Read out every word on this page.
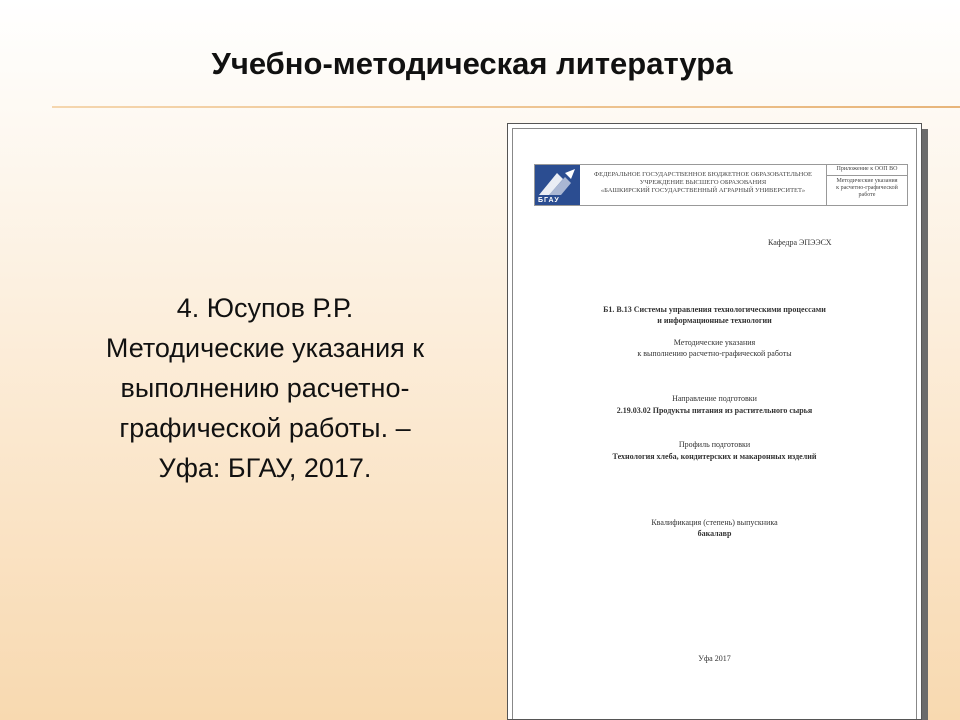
Учебно-методическая литература
4. Юсупов Р.Р.
Методические указания к
выполнению расчетно-
графической работы. –
Уфа: БГАУ, 2017.
БГАУ
ФЕДЕРАЛЬНОЕ ГОСУДАРСТВЕННОЕ БЮДЖЕТНОЕ ОБРАЗОВАТЕЛЬНОЕ
УЧРЕЖДЕНИЕ ВЫСШЕГО ОБРАЗОВАНИЯ
«БАШКИРСКИЙ ГОСУДАРСТВЕННЫЙ АГРАРНЫЙ УНИВЕРСИТЕТ»
Приложение к ООП ВО
Методические указания
к расчетно-графической
работе
Кафедра ЭПЭЭСХ
Б1. В.13 Системы управления технологическими процессами
и информационные технологии
Методические указания
к выполнению расчетно-графической работы
Направление подготовки
2.19.03.02 Продукты питания из растительного сырья
Профиль подготовки
Технология хлеба, кондитерских и макаронных изделий
Квалификация (степень) выпускника
бакалавр
Уфа 2017
